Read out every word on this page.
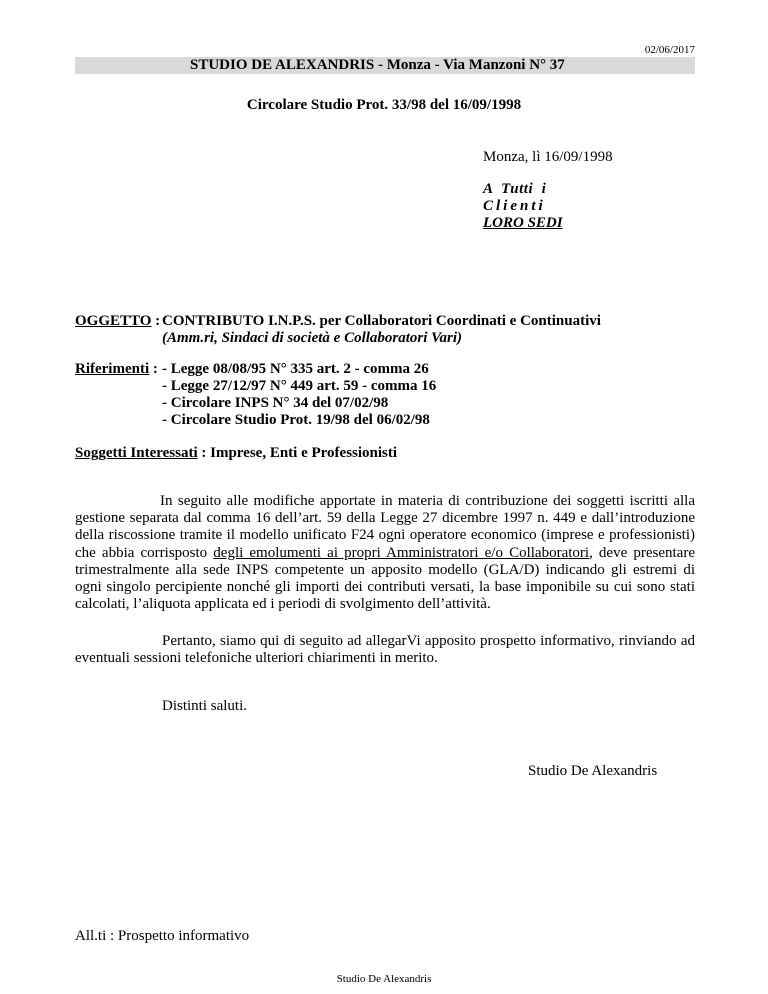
02/06/2017
STUDIO DE ALEXANDRIS - Monza - Via Manzoni N° 37
Circolare Studio Prot. 33/98 del 16/09/1998
Monza, lì 16/09/1998
A  Tutti  i
Clienti
LORO SEDI
OGGETTO : CONTRIBUTO I.N.P.S. per Collaboratori Coordinati e Continuativi
(Amm.ri, Sindaci di società e Collaboratori Vari)
Riferimenti : - Legge 08/08/95 N° 335 art. 2 - comma 26
- Legge 27/12/97 N° 449 art. 59 - comma 16
- Circolare INPS N° 34 del 07/02/98
- Circolare Studio Prot. 19/98 del 06/02/98
Soggetti Interessati : Imprese, Enti e Professionisti
In seguito alle modifiche apportate in materia di contribuzione dei soggetti iscritti alla gestione separata dal comma 16 dell’art. 59 della Legge 27 dicembre 1997 n. 449 e dall’introduzione della riscossione tramite il modello unificato F24 ogni operatore economico (imprese e professionisti) che abbia corrisposto degli emolumenti ai propri Amministratori e/o Collaboratori, deve presentare trimestralmente alla sede INPS competente un apposito modello (GLA/D) indicando gli estremi di ogni singolo percipiente nonché gli importi dei contributi versati, la base imponibile su cui sono stati calcolati, l’aliquota applicata ed i periodi di svolgimento dell’attività.
Pertanto, siamo qui di seguito ad allegarVi apposito prospetto informativo, rinviando ad eventuali sessioni telefoniche ulteriori chiarimenti in merito.
Distinti saluti.
Studio De Alexandris
All.ti : Prospetto informativo
Studio De Alexandris
